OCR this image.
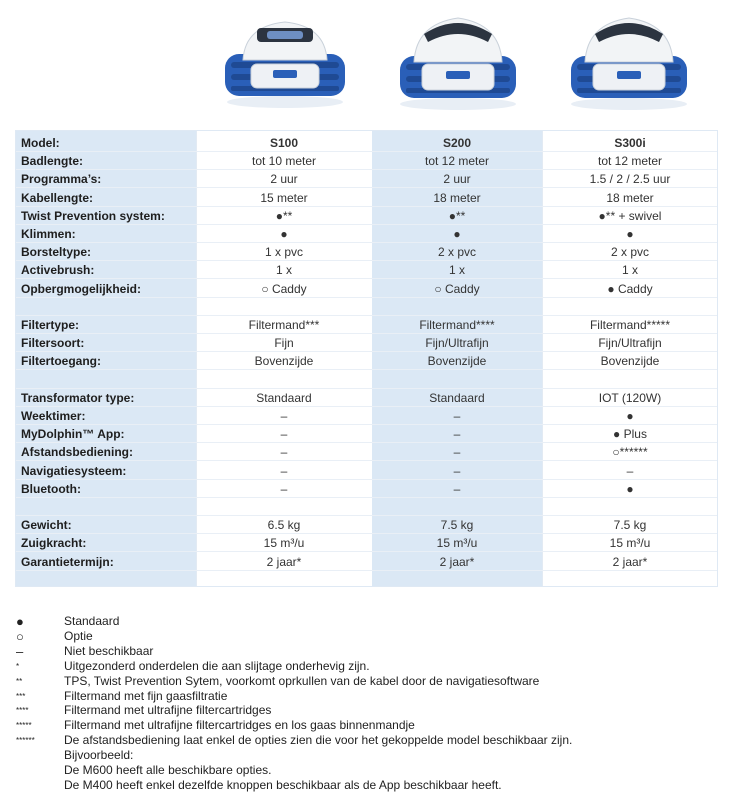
Model:	S100	S200	S300i
Badlengte:	tot 10 meter	tot 12 meter	tot 12 meter
Programma’s:	2 uur	2 uur	1.5 / 2 / 2.5 uur
Kabellengte:	15 meter	18 meter	18 meter
Twist Prevention system:	●**	●**	●** + swivel
Klimmen:	●	●	●
Borsteltype:	1 x pvc	2 x pvc	2 x pvc
Activebrush:	1 x	1 x	1 x
Opbergmogelijkheid:	○ Caddy	○ Caddy	● Caddy
Filtertype:	Filtermand***	Filtermand****	Filtermand*****
Filtersoort:	Fijn	Fijn/Ultrafijn	Fijn/Ultrafijn
Filtertoegang:	Bovenzijde	Bovenzijde	Bovenzijde
Transformator type:	Standaard	Standaard	IOT (120W)
Weektimer:	–	–	●
MyDolphin™ App:	–	–	● Plus
Afstandsbediening:	–	–	○******
Navigatiesysteem:	–	–	–
Bluetooth:	–	–	●
Gewicht:	6.5 kg	7.5 kg	7.5 kg
Zuigkracht:	15 m³/u	15 m³/u	15 m³/u
Garantietermijn:	2 jaar*	2 jaar*	2 jaar*
●	Standaard
○	Optie
–	Niet beschikbaar
*	Uitgezonderd onderdelen die aan slijtage onderhevig zijn.
**	TPS, Twist Prevention Sytem, voorkomt oprkullen van de kabel door de navigatiesoftware
***	Filtermand met fijn gaasfiltratie
****	Filtermand met ultrafijne filtercartridges
*****	Filtermand met ultrafijne filtercartridges en los gaas binnenmandje
******	De afstandsbediening laat enkel de opties zien die voor het gekoppelde model beschikbaar zijn.
Bijvoorbeeld:
De M600 heeft alle beschikbare opties.
De M400 heeft enkel dezelfde knoppen beschikbaar als de App beschikbaar heeft.
